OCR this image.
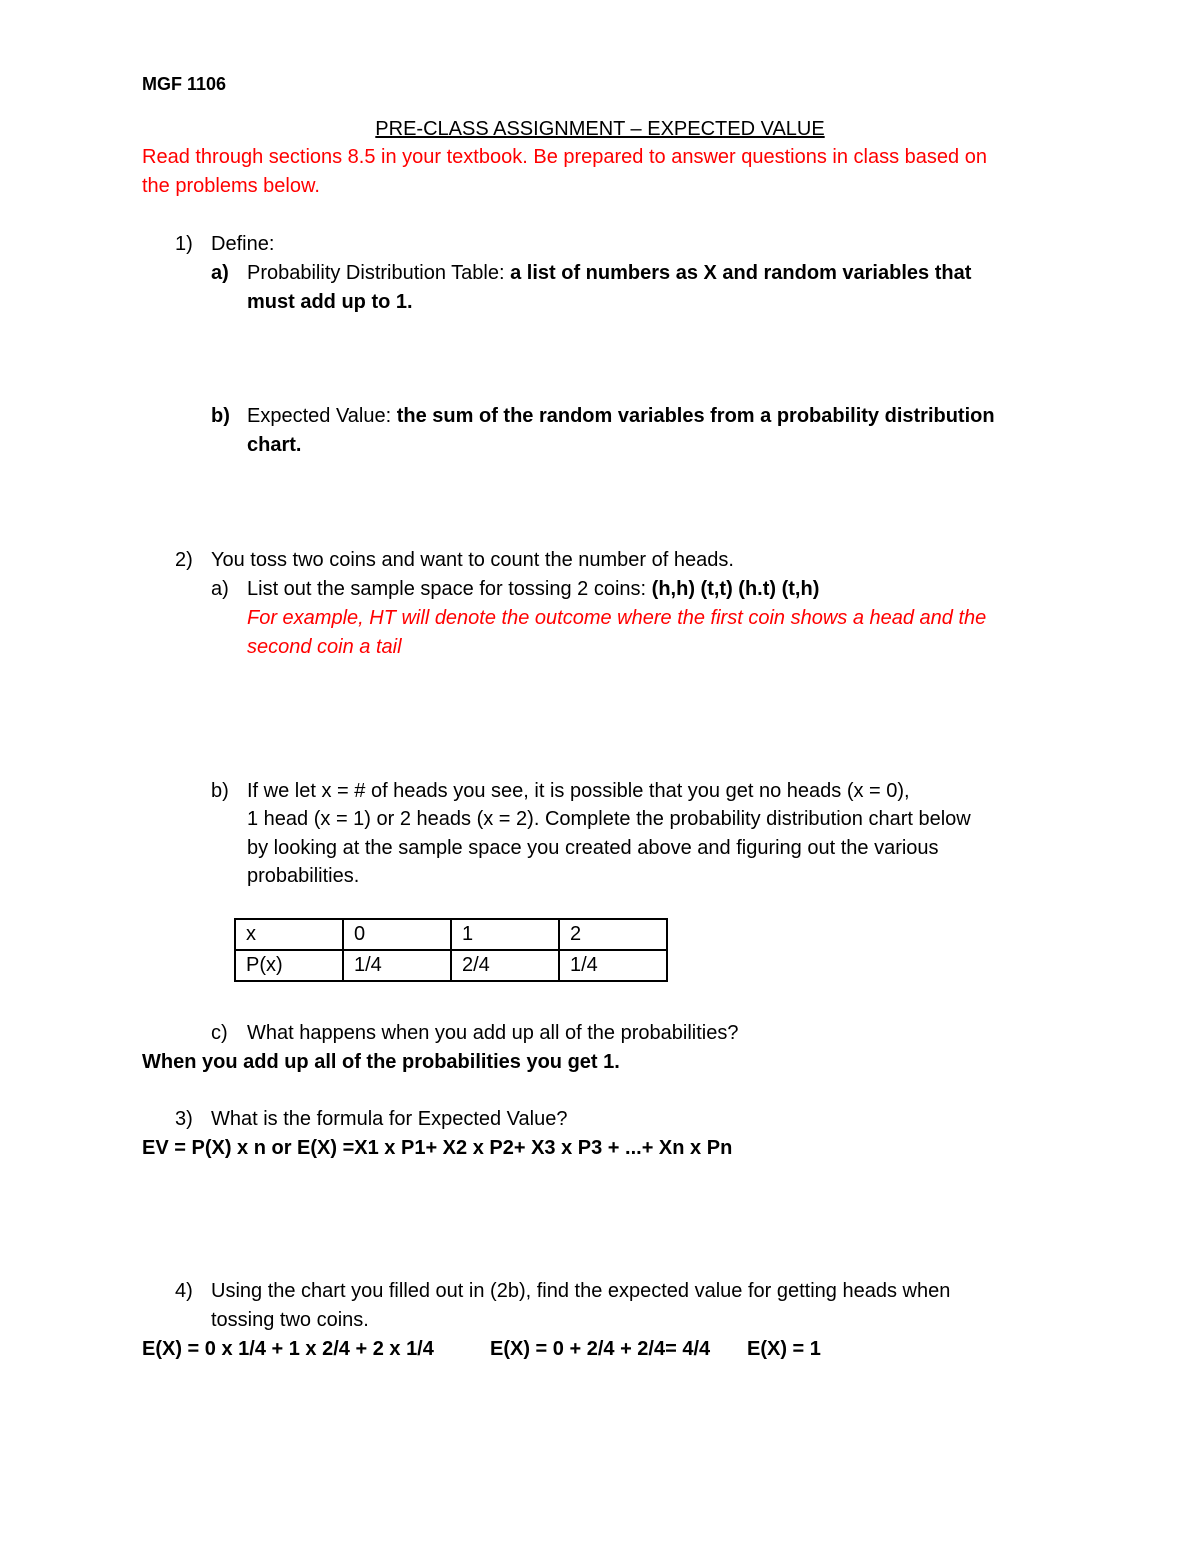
MGF 1106
PRE-CLASS ASSIGNMENT – EXPECTED VALUE
Read through sections 8.5 in your textbook. Be prepared to answer questions in class based on
the problems below.
1) Define:
a) Probability Distribution Table: a list of numbers as X and random variables that
must add up to 1.
b) Expected Value: the sum of the random variables from a probability distribution
chart.
2) You toss two coins and want to count the number of heads.
a) List out the sample space for tossing 2 coins: (h,h) (t,t) (h.t) (t,h)
For example, HT will denote the outcome where the first coin shows a head and the
second coin a tail
b) If we let x = # of heads you see, it is possible that you get no heads (x = 0),
1 head (x = 1) or 2 heads (x = 2). Complete the probability distribution chart below
by looking at the sample space you created above and figuring out the various
probabilities.
x	0	1	2
P(x)	1/4	2/4	1/4
c) What happens when you add up all of the probabilities?
When you add up all of the probabilities you get 1.
3) What is the formula for Expected Value?
EV = P(X) x n or E(X) =X1 x P1+ X2 x P2+ X3 x P3 + ...+ Xn x Pn
4) Using the chart you filled out in (2b), find the expected value for getting heads when
tossing two coins.
E(X) = 0 x 1/4 + 1 x 2/4 + 2 x 1/4	E(X) = 0 + 2/4 + 2/4= 4/4 E(X) = 1
